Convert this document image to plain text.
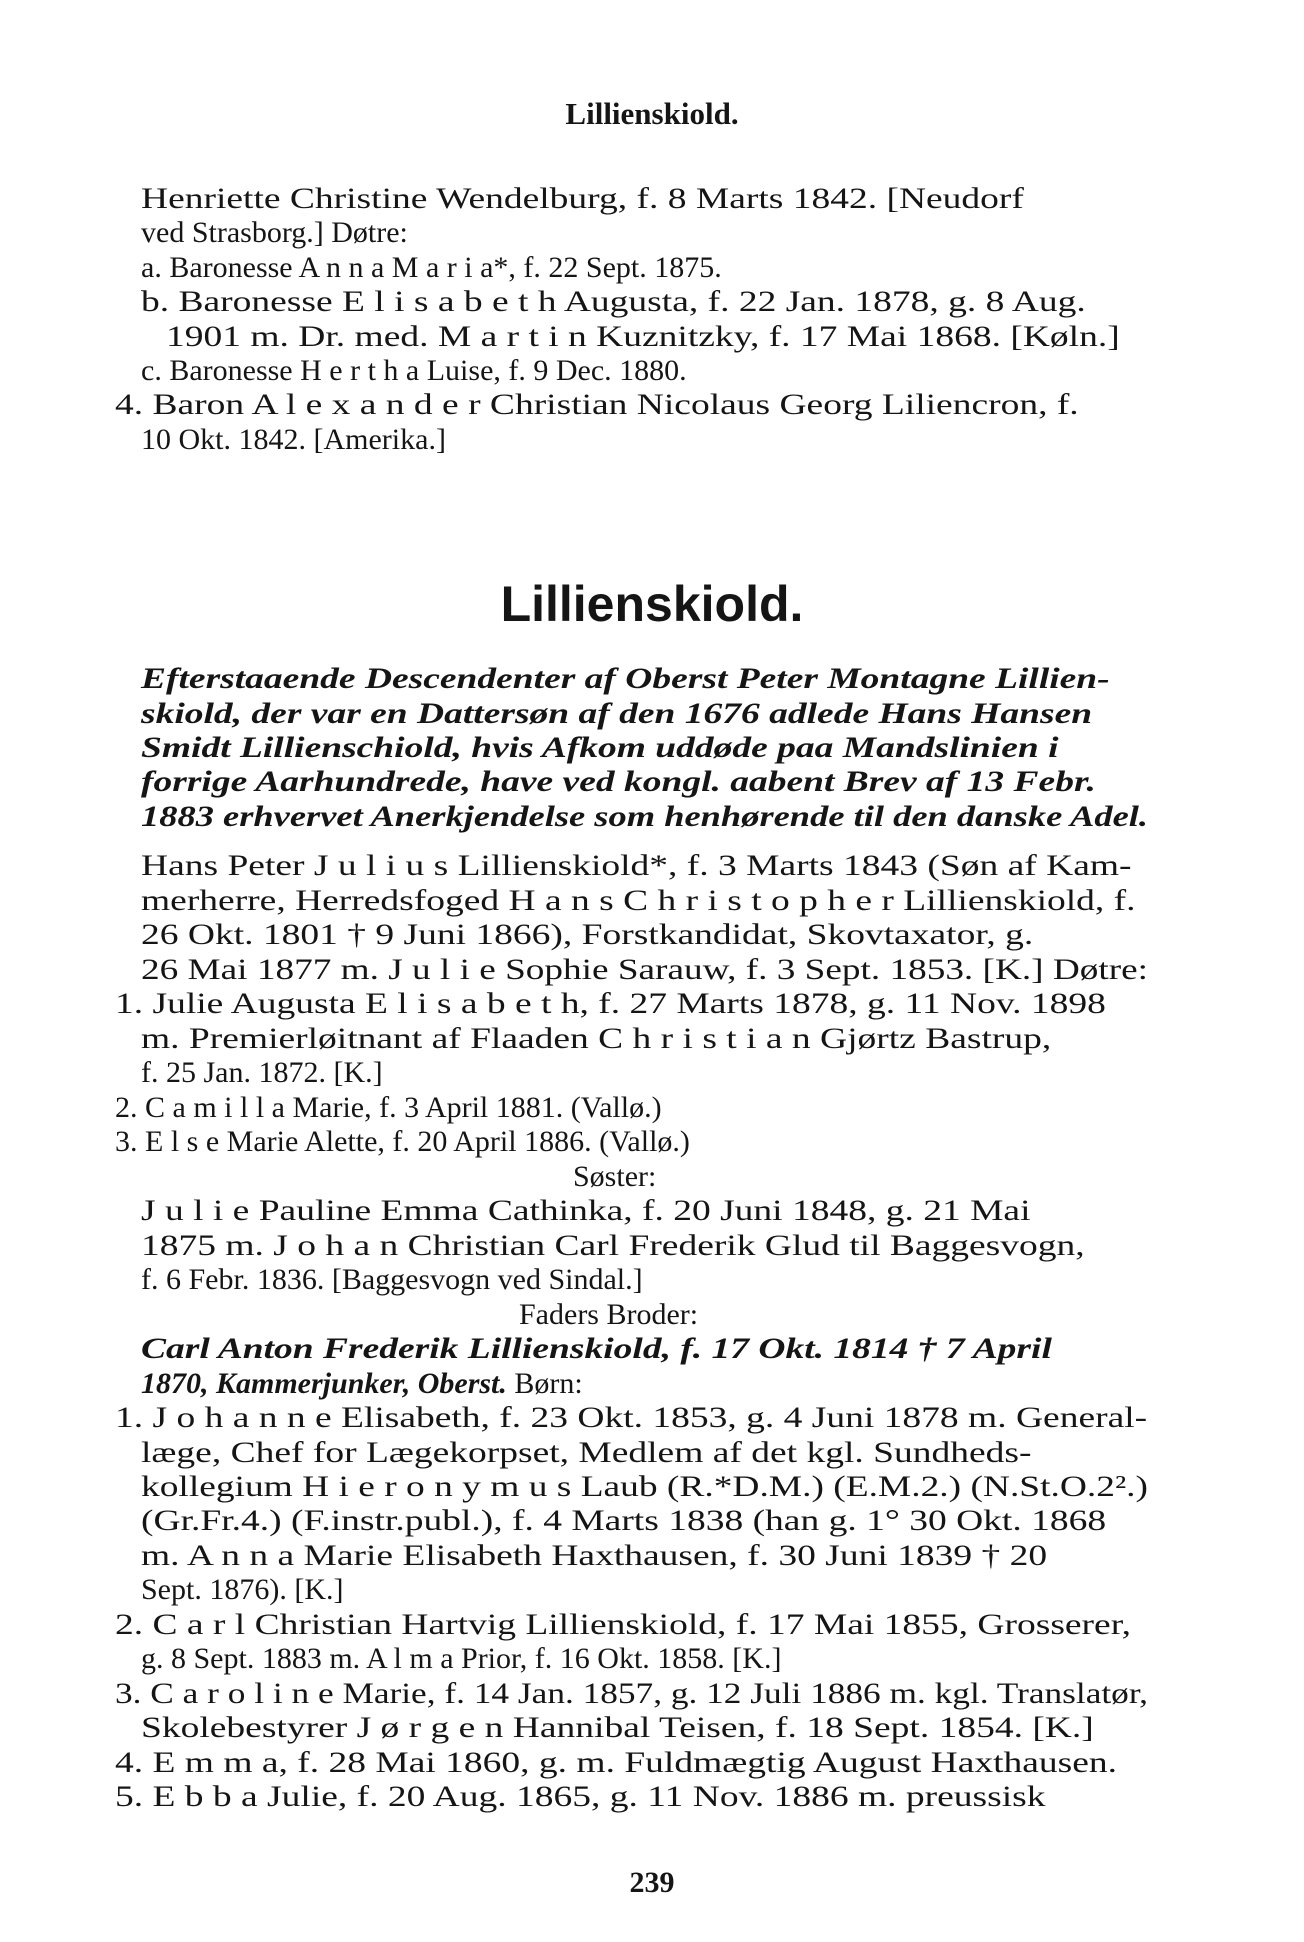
Lillienskiold.
Lillienskiold.
Henriette Christine Wendelburg, f. 8 Marts 1842. [Neudorf
ved Strasborg.] Døtre:
a. Baronesse A n n a M a r i a*, f. 22 Sept. 1875.
b. Baronesse E l i s a b e t h Augusta, f. 22 Jan. 1878, g. 8 Aug.
1901 m. Dr. med. M a r t i n Kuznitzky, f. 17 Mai 1868. [Køln.]
c. Baronesse H e r t h a Luise, f. 9 Dec. 1880.
4. Baron A l e x a n d e r Christian Nicolaus Georg Liliencron, f.
10 Okt. 1842. [Amerika.]
Efterstaaende Descendenter af Oberst Peter Montagne Lillien-
skiold, der var en Dattersøn af den 1676 adlede Hans Hansen
Smidt Lillienschiold, hvis Afkom uddøde paa Mandslinien i
forrige Aarhundrede, have ved kongl. aabent Brev af 13 Febr.
1883 erhvervet Anerkjendelse som henhørende til den danske Adel.
Hans Peter J u l i u s Lillienskiold*, f. 3 Marts 1843 (Søn af Kam-
merherre, Herredsfoged H a n s C h r i s t o p h e r Lillienskiold, f.
26 Okt. 1801 † 9 Juni 1866), Forstkandidat, Skovtaxator, g.
26 Mai 1877 m. J u l i e Sophie Sarauw, f. 3 Sept. 1853. [K.] Døtre:
1. Julie Augusta E l i s a b e t h, f. 27 Marts 1878, g. 11 Nov. 1898
m. Premierløitnant af Flaaden C h r i s t i a n Gjørtz Bastrup,
f. 25 Jan. 1872. [K.]
2. C a m i l l a Marie, f. 3 April 1881. (Vallø.)
3. E l s e Marie Alette, f. 20 April 1886. (Vallø.)
Søster:
J u l i e Pauline Emma Cathinka, f. 20 Juni 1848, g. 21 Mai
1875 m. J o h a n Christian Carl Frederik Glud til Baggesvogn,
f. 6 Febr. 1836. [Baggesvogn ved Sindal.]
Faders Broder:
Carl Anton Frederik Lillienskiold, f. 17 Okt. 1814 † 7 April
1870, Kammerjunker, Oberst. Børn:
1. J o h a n n e Elisabeth, f. 23 Okt. 1853, g. 4 Juni 1878 m. General-
læge, Chef for Lægekorpset, Medlem af det kgl. Sundheds-
kollegium H i e r o n y m u s Laub (R.*D.M.) (E.M.2.) (N.St.O.2².)
(Gr.Fr.4.) (F.instr.publ.), f. 4 Marts 1838 (han g. 1° 30 Okt. 1868
m. A n n a Marie Elisabeth Haxthausen, f. 30 Juni 1839 † 20
Sept. 1876). [K.]
2. C a r l Christian Hartvig Lillienskiold, f. 17 Mai 1855, Grosserer,
g. 8 Sept. 1883 m. A l m a Prior, f. 16 Okt. 1858. [K.]
3. C a r o l i n e Marie, f. 14 Jan. 1857, g. 12 Juli 1886 m. kgl. Translatør,
Skolebestyrer J ø r g e n Hannibal Teisen, f. 18 Sept. 1854. [K.]
4. E m m a, f. 28 Mai 1860, g. m. Fuldmægtig August Haxthausen.
5. E b b a Julie, f. 20 Aug. 1865, g. 11 Nov. 1886 m. preussisk
239
